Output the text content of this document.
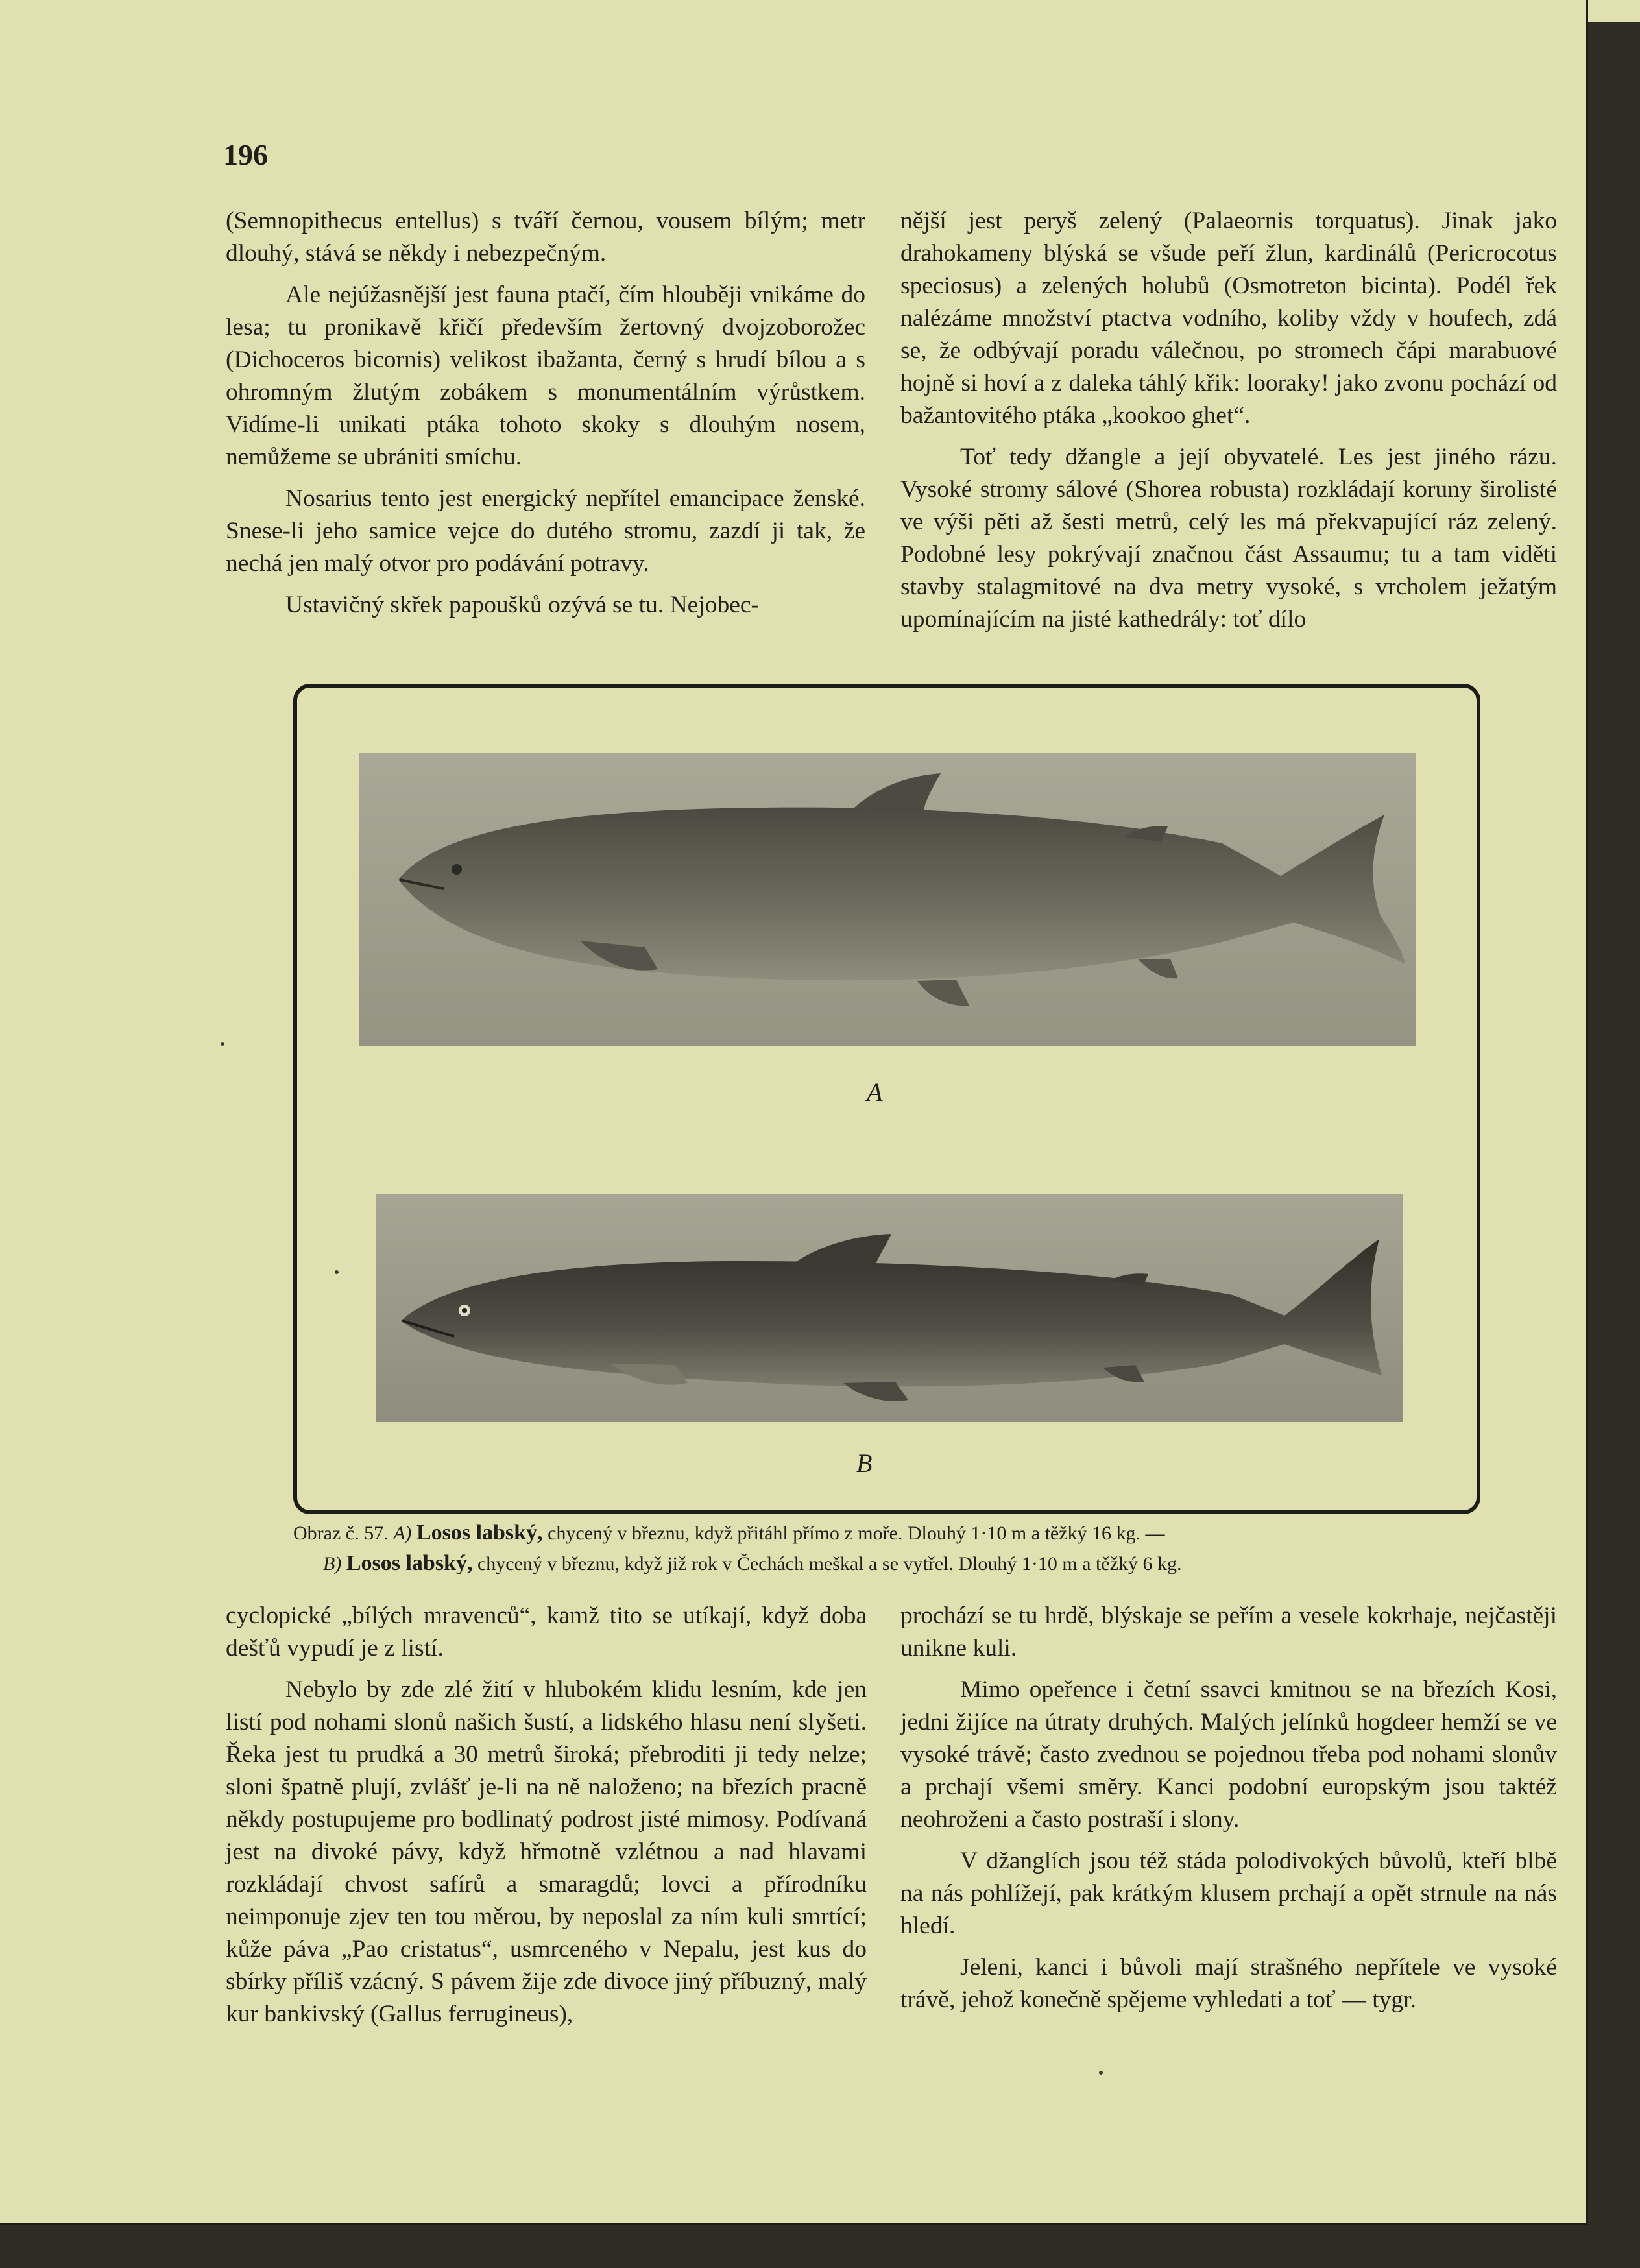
196

(Semnopithecus entellus) s tváří černou, vousem bílým; metr dlouhý, stává se někdy i nebezpečným.

Ale nejúžasnější jest fauna ptačí, čím hlouběji vnikáme do lesa; tu pronikavě křičí především žertovný dvojzoborožec (Dichoceros bicornis) velikost ibažanta, černý s hrudí bílou a s ohromným žlutým zobákem s monumentálním výrůstkem. Vidíme-li unikati ptáka tohoto skoky s dlouhým nosem, nemůžeme se ubrániti smíchu.

Nosarius tento jest energický nepřítel emancipace ženské. Snese-li jeho samice vejce do dutého stromu, zazdí ji tak, že nechá jen malý otvor pro podávání potravy.

Ustavičný skřek papoušků ozývá se tu. Nejobec-

nější jest peryš zelený (Palaeornis torquatus). Jinak jako drahokameny blýská se všude peří žlun, kardinálů (Pericrocotus speciosus) a zelených holubů (Osmotreton bicinta). Podél řek nalézáme množství ptactva vodního, koliby vždy v houfech, zdá se, že odbývají poradu válečnou, po stromech čápi marabuové hojně si hoví a z daleka táhlý křik: looraky! jako zvonu pochází od bažantovitého ptáka „kookoo ghet“.

Toť tedy džangle a její obyvatelé. Les jest jiného rázu. Vysoké stromy sálové (Shorea robusta) rozkládají koruny širolisté ve výši pěti až šesti metrů, celý les má překvapující ráz zelený. Podobné lesy pokrývají značnou část Assaumu; tu a tam viděti stavby stalagmitové na dva metry vysoké, s vrcholem ježatým upomínajícím na jisté kathedrály: toť dílo

A
B
Obraz č. 57. A) Losos labský, chycený v březnu, když přitáhl přímo z moře. Dlouhý 1·10 m a těžký 16 kg. —
B) Losos labský, chycený v březnu, když již rok v Čechách meškal a se vytřel. Dlouhý 1·10 m a těžký 6 kg.

cyclopické „bílých mravenců“, kamž tito se utíkají, když doba dešťů vypudí je z listí.

Nebylo by zde zlé žití v hlubokém klidu lesním, kde jen listí pod nohami slonů našich šustí, a lidského hlasu není slyšeti. Řeka jest tu prudká a 30 metrů široká; přebroditi ji tedy nelze; sloni špatně plují, zvlášť je-li na ně naloženo; na březích pracně někdy postupujeme pro bodlinatý podrost jisté mimosy. Podívaná jest na divoké pávy, když hřmotně vzlétnou a nad hlavami rozkládají chvost safírů a smaragdů; lovci a přírodníku neimponuje zjev ten tou měrou, by neposlal za ním kuli smrtící; kůže páva „Pao cristatus“, usmrceného v Nepalu, jest kus do sbírky příliš vzácný. S pávem žije zde divoce jiný příbuzný, malý kur bankivský (Gallus ferrugineus),

prochází se tu hrdě, blýskaje se peřím a vesele kokrhaje, nejčastěji unikne kuli.

Mimo opeřence i četní ssavci kmitnou se na březích Kosi, jedni žijíce na útraty druhých. Malých jelínků hogdeer hemží se ve vysoké trávě; často zvednou se pojednou třeba pod nohami slonův a prchají všemi směry. Kanci podobní europským jsou taktéž neohroženi a často postraší i slony.

V džanglích jsou též stáda polodivokých bůvolů, kteří blbě na nás pohlížejí, pak krátkým klusem prchají a opět strnule na nás hledí.

Jeleni, kanci i bůvoli mají strašného nepřítele ve vysoké trávě, jehož konečně spějeme vyhledati a toť — tygr.
